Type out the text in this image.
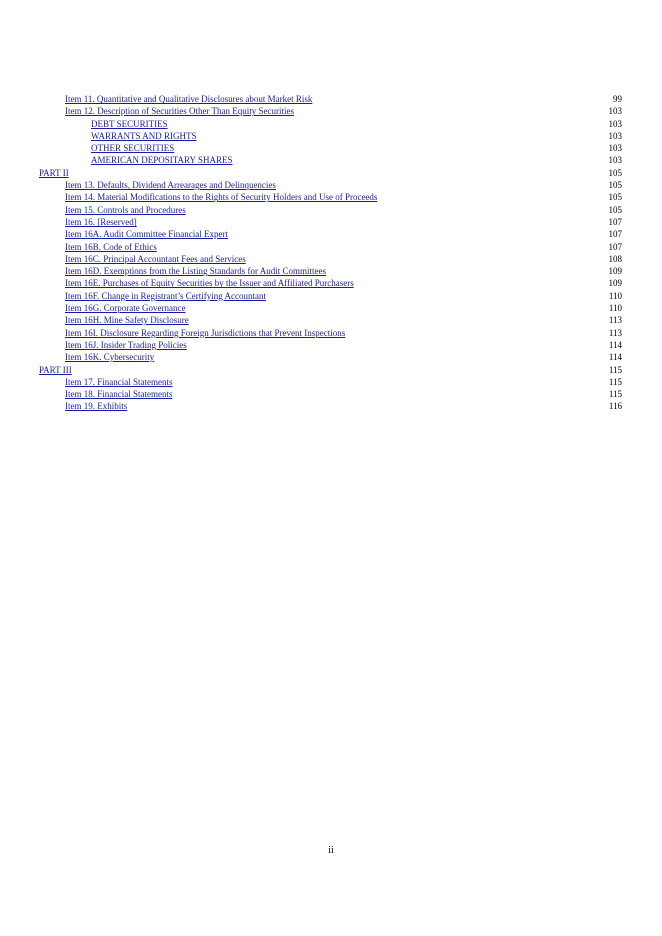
Item 11. Quantitative and Qualitative Disclosures about Market Risk	99
Item 12. Description of Securities Other Than Equity Securities	103
DEBT SECURITIES	103
WARRANTS AND RIGHTS	103
OTHER SECURITIES	103
AMERICAN DEPOSITARY SHARES	103
PART II	105
Item 13. Defaults, Dividend Arrearages and Delinquencies	105
Item 14. Material Modifications to the Rights of Security Holders and Use of Proceeds	105
Item 15. Controls and Procedures	105
Item 16. [Reserved]	107
Item 16A. Audit Committee Financial Expert	107
Item 16B. Code of Ethics	107
Item 16C. Principal Accountant Fees and Services	108
Item 16D. Exemptions from the Listing Standards for Audit Committees	109
Item 16E. Purchases of Equity Securities by the Issuer and Affiliated Purchasers	109
Item 16F. Change in Registrant’s Certifying Accountant	110
Item 16G. Corporate Governance	110
Item 16H. Mine Safety Disclosure	113
Item 16I. Disclosure Regarding Foreign Jurisdictions that Prevent Inspections	113
Item 16J. Insider Trading Policies	114
Item 16K. Cybersecurity	114
PART III	115
Item 17. Financial Statements	115
Item 18. Financial Statements	115
Item 19. Exhibits	116
ii
